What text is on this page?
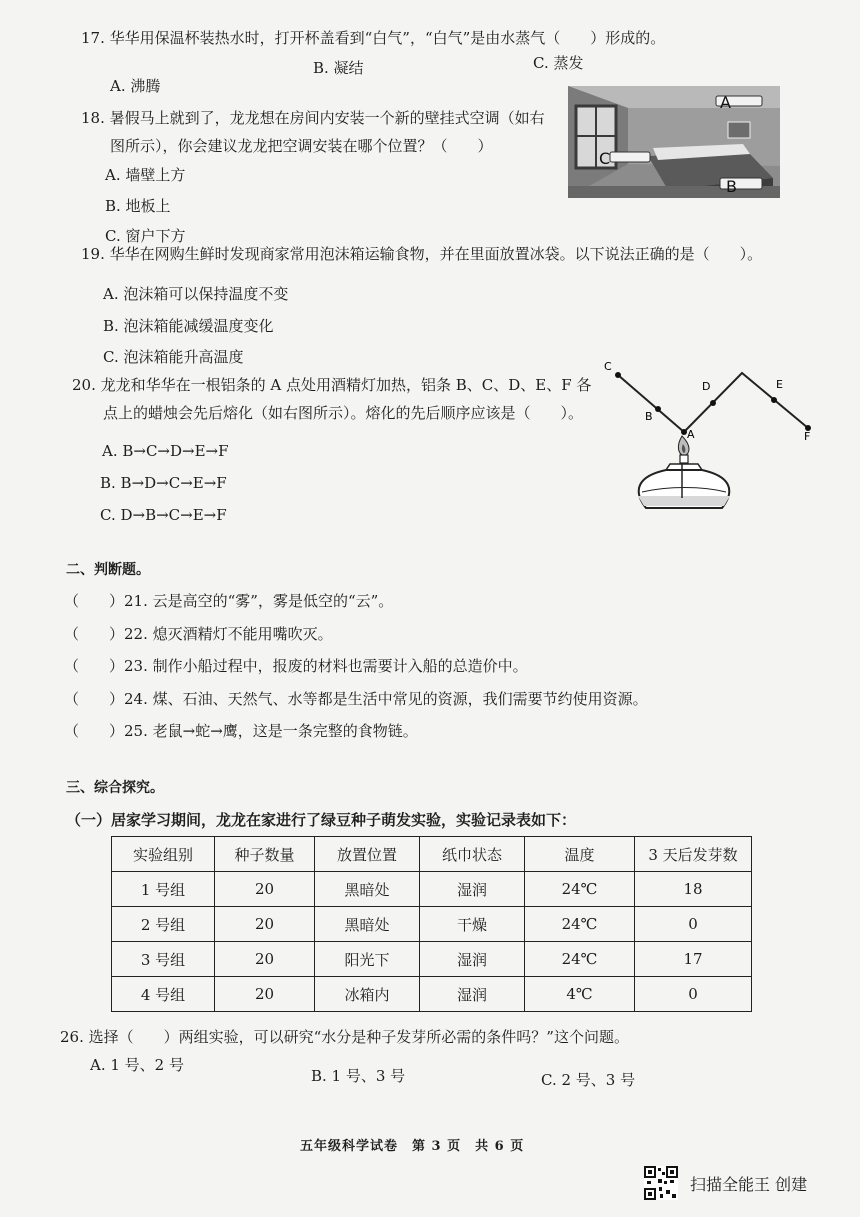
17. 华华用保温杯装热水时，打开杯盖看到“白气”，“白气”是由水蒸气（　　）形成的。
A. 沸腾
B. 凝结	C. 蒸发
18. 暑假马上就到了，龙龙想在房间内安装一个新的壁挂式空调（如右
图所示），你会建议龙龙把空调安装在哪个位置？（　　）
A. 墙壁上方
B. 地板上
C. 窗户下方
A
C
B
19. 华华在网购生鲜时发现商家常用泡沫箱运输食物，并在里面放置冰袋。以下说法正确的是（　　）。
A. 泡沫箱可以保持温度不变
B. 泡沫箱能减缓温度变化
C. 泡沫箱能升高温度
20. 龙龙和华华在一根铝条的 A 点处用酒精灯加热，铝条 B、C、D、E、F 各
点上的蜡烛会先后熔化（如右图所示）。熔化的先后顺序应该是（　　）。
A. B→C→D→E→F
B. B→D→C→E→F
C. D→B→C→E→F
C
B
A
D	E
F
二、判断题。
（　　）21. 云是高空的“雾”，雾是低空的“云”。
（　　）22. 熄灭酒精灯不能用嘴吹灭。
（　　）23. 制作小船过程中，报废的材料也需要计入船的总造价中。
（　　）24. 煤、石油、天然气、水等都是生活中常见的资源，我们需要节约使用资源。
（　　）25. 老鼠→蛇→鹰，这是一条完整的食物链。
三、综合探究。
（一）居家学习期间，龙龙在家进行了绿豆种子萌发实验，实验记录表如下：
实验组别	种子数量	放置位置	纸巾状态	温度	3 天后发芽数
1 号组	20	黑暗处	湿润	24℃	18
2 号组	20	黑暗处	干燥	24℃	0
3 号组	20	阳光下	湿润	24℃	17
4 号组	20	冰箱内	湿润	4℃	0
26. 选择（　　）两组实验，可以研究“水分是种子发芽所必需的条件吗？”这个问题。
A. 1 号、2 号
B. 1 号、3 号	C. 2 号、3 号
五年级科学试卷　第 3 页　共 6 页
扫描全能王 创建
